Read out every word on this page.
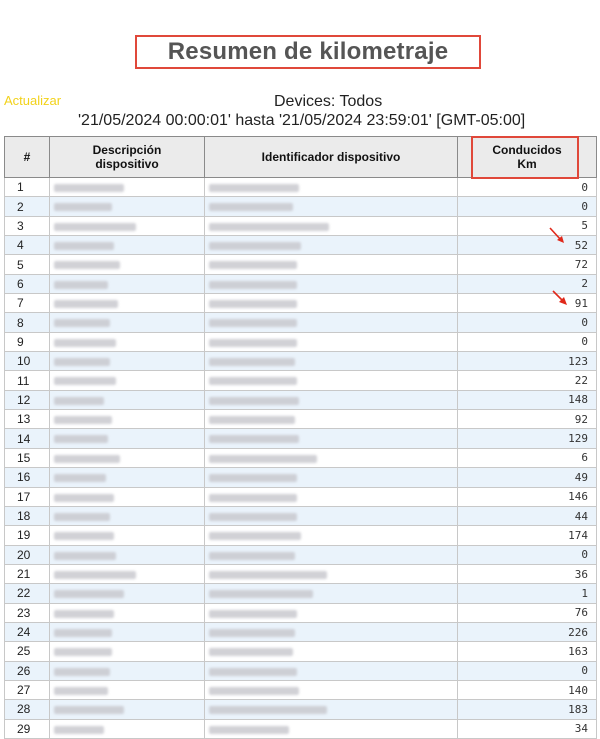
Resumen de kilometraje
Actualizar	Devices: Todos
'21/05/2024 00:00:01' hasta '21/05/2024 23:59:01' [GMT-05:00]
#	Descripción dispositivo	Identificador dispositivo	Conducidos Km

1			0
2			0
3			5
4			52
5			72
6			2
7			91
8			0
9			0
10			123
11			22
12			148
13			92
14			129
15			6
16			49
17			146
18			44
19			174
20			0
21			36
22			1
23			76
24			226
25			163
26			0
27			140
28			183
29			34
